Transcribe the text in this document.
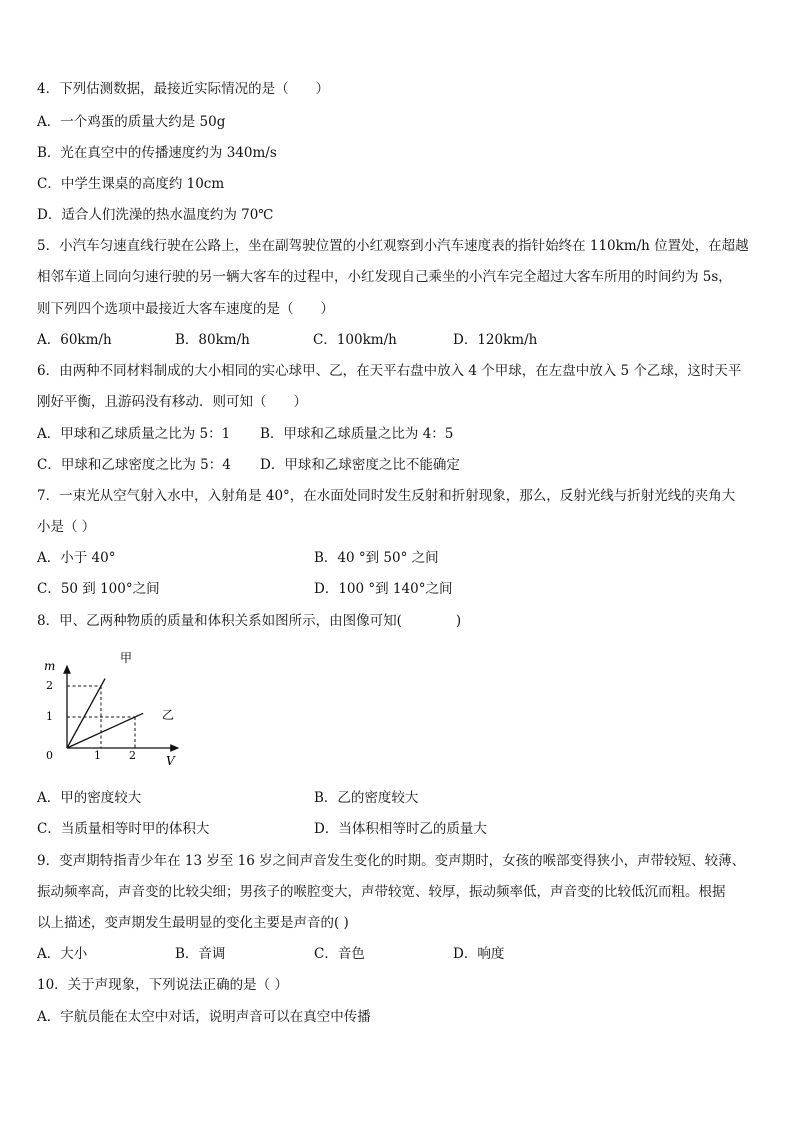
4．下列估测数据，最接近实际情况的是（　　）
A．一个鸡蛋的质量大约是 50g
B．光在真空中的传播速度约为 340m/s
C．中学生课桌的高度约 10cm
D．适合人们洗澡的热水温度约为 70℃
5．小汽车匀速直线行驶在公路上，坐在副驾驶位置的小红观察到小汽车速度表的指针始终在 110km/h 位置处，在超越
相邻车道上同向匀速行驶的另一辆大客车的过程中，小红发现自己乘坐的小汽车完全超过大客车所用的时间约为 5s，
则下列四个选项中最接近大客车速度的是（　　）
A．60km/h	B．80km/h	C．100km/h	D．120km/h
6．由两种不同材料制成的大小相同的实心球甲、乙，在天平右盘中放入 4 个甲球，在左盘中放入 5 个乙球，这时天平
刚好平衡，且游码没有移动．则可知（　　）
A．甲球和乙球质量之比为 5：1 B．甲球和乙球质量之比为 4：5
C．甲球和乙球密度之比为 5：4 D．甲球和乙球密度之比不能确定
7．一束光从空气射入水中，入射角是 40°，在水面处同时发生反射和折射现象，那么，反射光线与折射光线的夹角大
小是（ ）
A．小于 40°	B．40 °到 50° 之间
C．50 到 100°之间	D．100 °到 140°之间
8．甲、乙两种物质的质量和体积关系如图所示，由图像可知(　　　　)
m
V
0
2
1
1	2
甲
乙
A．甲的密度较大	B．乙的密度较大
C．当质量相等时甲的体积大	D．当体积相等时乙的质量大
9．变声期特指青少年在 13 岁至 16 岁之间声音发生变化的时期。变声期时，女孩的喉部变得狭小，声带较短、较薄、
振动频率高，声音变的比较尖细；男孩子的喉腔变大，声带较宽、较厚，振动频率低，声音变的比较低沉而粗。根据
以上描述，变声期发生最明显的变化主要是声音的( )
A．大小	B．音调	C．音色	D．响度
10．关于声现象，下列说法正确的是（ ）
A．宇航员能在太空中对话，说明声音可以在真空中传播
